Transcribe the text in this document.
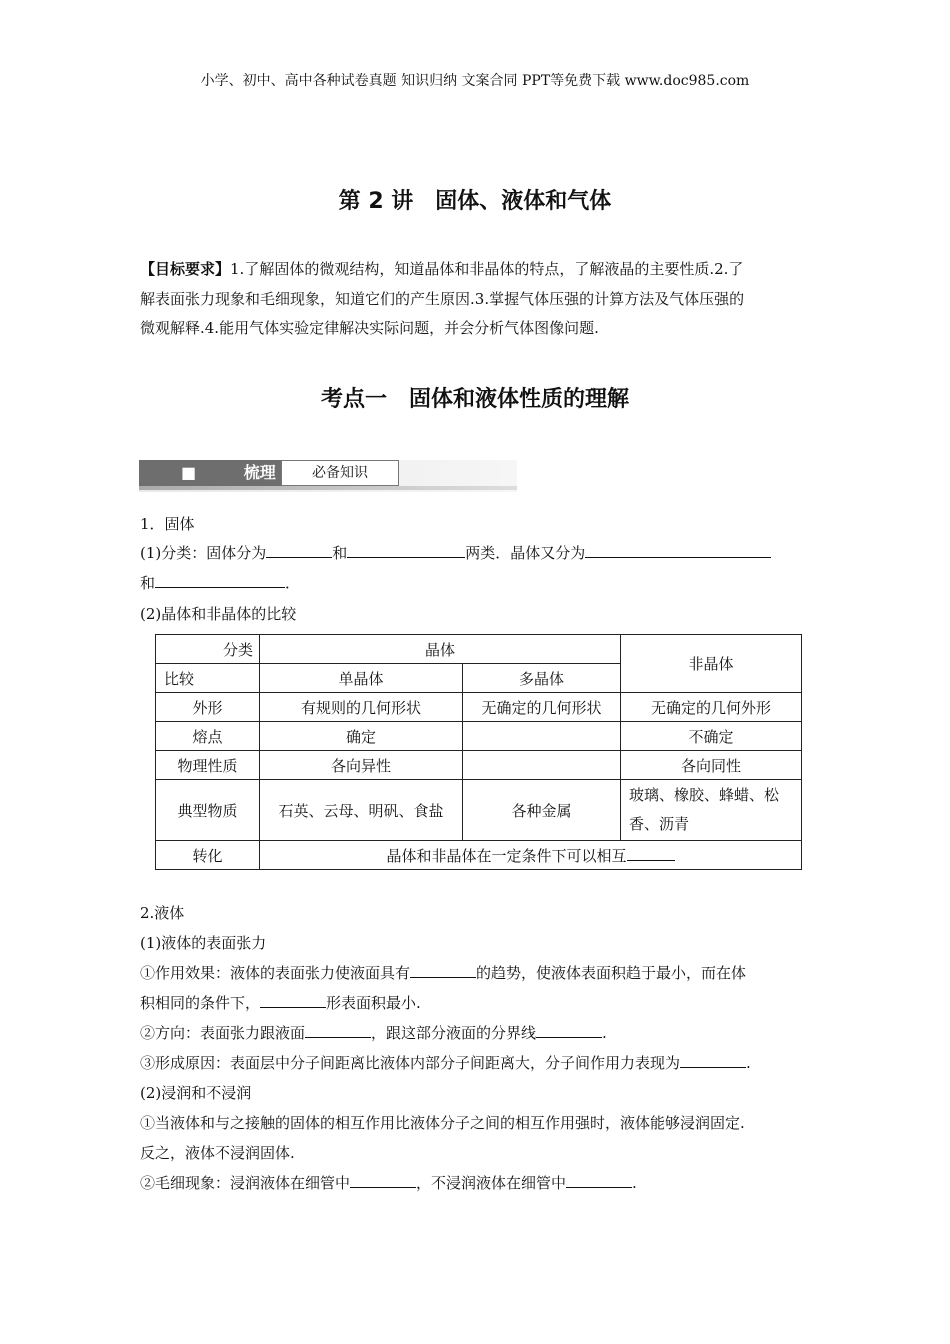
小学、初中、高中各种试卷真题 知识归纳 文案合同 PPT等免费下载 www.doc985.com
第 2 讲　固体、液体和气体
【目标要求】1.了解固体的微观结构，知道晶体和非晶体的特点，了解液晶的主要性质.2.了
解表面张力现象和毛细现象，知道它们的产生原因.3.掌握气体压强的计算方法及气体压强的
微观解释.4.能用气体实验定律解决实际问题，并会分析气体图像问题.
考点一　固体和液体性质的理解
■	梳理	必备知识
1．固体
(1)分类：固体分为	和	两类．晶体又分为
和	．
(2)晶体和非晶体的比较
分类	晶体		非晶体
比较	单晶体	多晶体	
外形	有规则的几何形状	无确定的几何形状	无确定的几何外形
熔点	确定		不确定
物理性质	各向异性		各向同性
典型物质	石英、云母、明矾、食盐	各种金属	玻璃、橡胶、蜂蜡、松香、沥青
转化	晶体和非晶体在一定条件下可以相互		
2.液体
(1)液体的表面张力
①作用效果：液体的表面张力使液面具有	的趋势，使液体表面积趋于最小，而在体
积相同的条件下，	形表面积最小.
②方向：表面张力跟液面	，跟这部分液面的分界线	.
③形成原因：表面层中分子间距离比液体内部分子间距离大，分子间作用力表现为	.
(2)浸润和不浸润
①当液体和与之接触的固体的相互作用比液体分子之间的相互作用强时，液体能够浸润固定.
反之，液体不浸润固体.
②毛细现象：浸润液体在细管中	，不浸润液体在细管中	.
